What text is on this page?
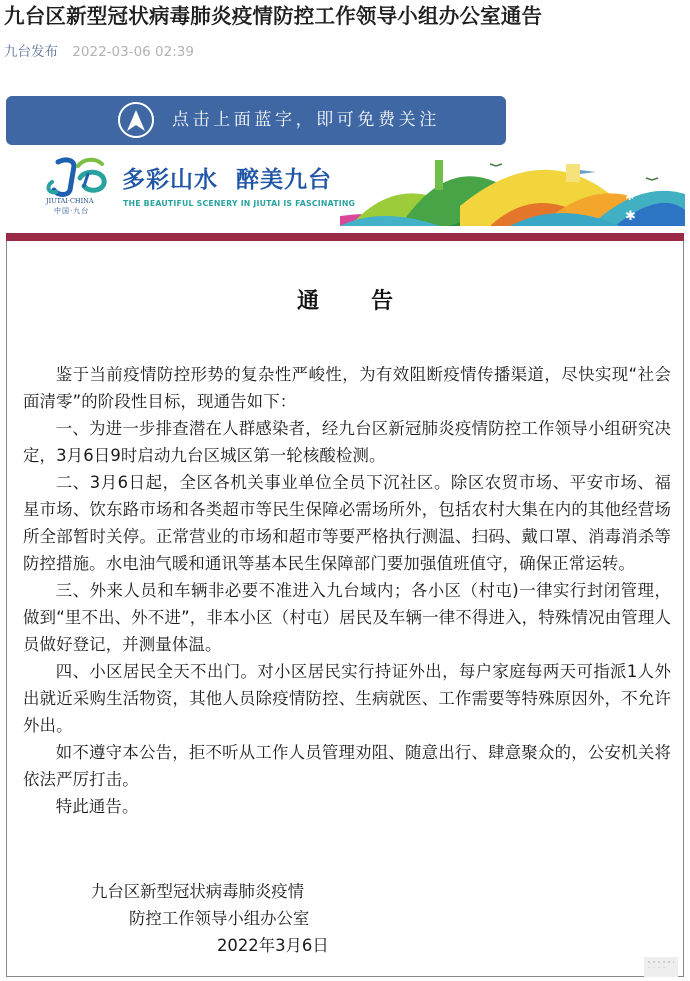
九台区新型冠状病毒肺炎疫情防控工作领导小组办公室通告
九台发布 2022-03-06 02:39
点击上面蓝字，即可免费关注
JIUTAI·CHINA
中国·九台
多彩山水  醉美九台
THE BEAUTIFUL SCENERY IN JIUTAI IS FASCINATING
✱
✱
通告

鉴于当前疫情防控形势的复杂性严峻性，为有效阻断疫情传播渠道，尽快实现“社会面清零”的阶段性目标，现通告如下：

一、为进一步排查潜在人群感染者，经九台区新冠肺炎疫情防控工作领导小组研究决定，3月6日9时启动九台区城区第一轮核酸检测。

二、3月6日起，全区各机关事业单位全员下沉社区。除区农贸市场、平安市场、福星市场、饮东路市场和各类超市等民生保障必需场所外，包括农村大集在内的其他经营场所全部暂时关停。正常营业的市场和超市等要严格执行测温、扫码、戴口罩、消毒消杀等防控措施。水电油气暖和通讯等基本民生保障部门要加强值班值守，确保正常运转。

三、外来人员和车辆非必要不准进入九台域内；各小区（村屯)一律实行封闭管理，做到“里不出、外不进”，非本小区（村屯）居民及车辆一律不得进入，特殊情况由管理人员做好登记，并测量体温。

四、小区居民全天不出门。对小区居民实行持证外出，每户家庭每两天可指派1人外出就近采购生活物资，其他人员除疫情防控、生病就医、工作需要等特殊原因外，不允许外出。

如不遵守本公告，拒不听从工作人员管理劝阻、随意出行、肆意聚众的，公安机关将依法严厉打击。

特此通告。

九台区新型冠状病毒肺炎疫情
防控工作领导小组办公室
2022年3月6日
